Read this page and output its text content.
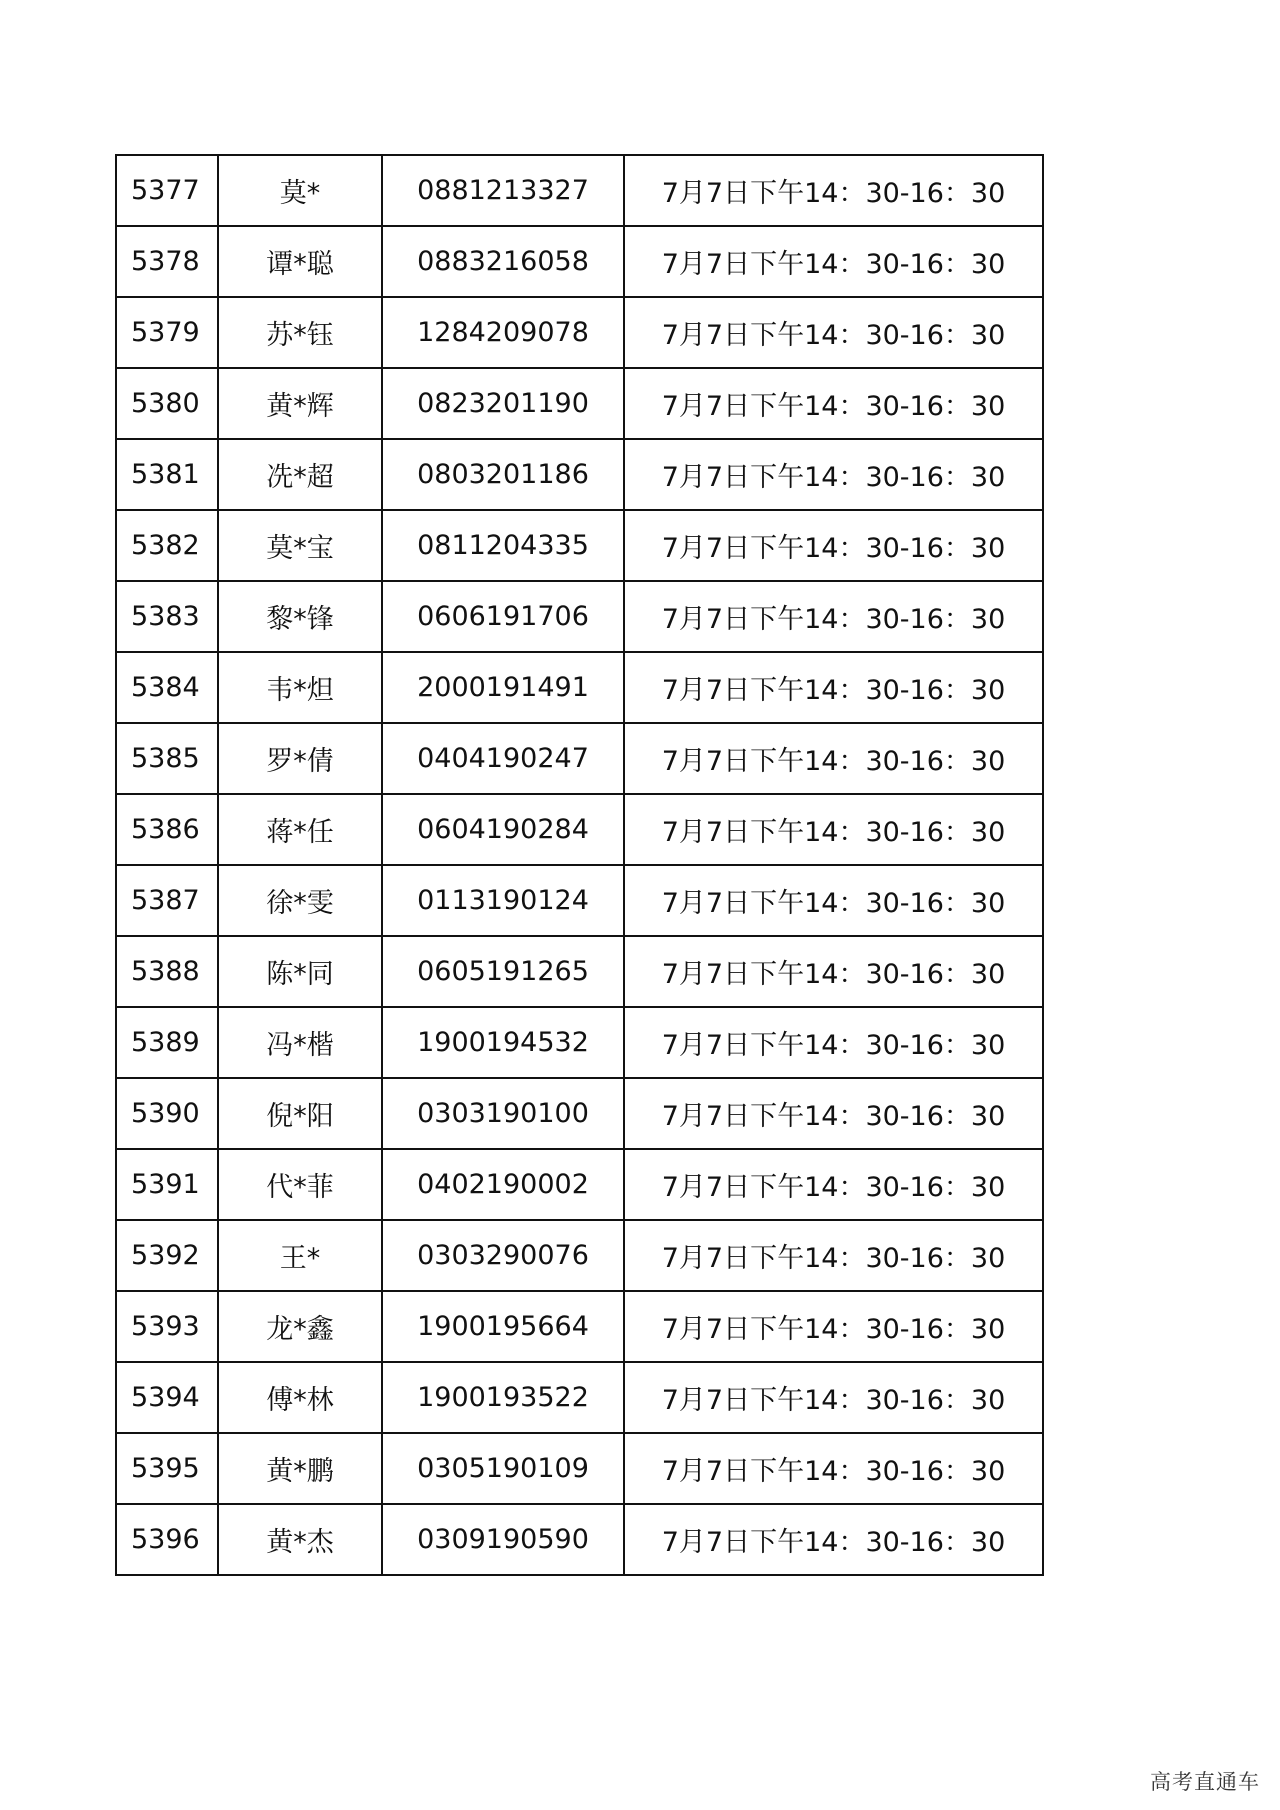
5377	莫*	0881213327	7月7日下午14：30-16：30
5378	谭*聪	0883216058	7月7日下午14：30-16：30
5379	苏*钰	1284209078	7月7日下午14：30-16：30
5380	黄*辉	0823201190	7月7日下午14：30-16：30
5381	冼*超	0803201186	7月7日下午14：30-16：30
5382	莫*宝	0811204335	7月7日下午14：30-16：30
5383	黎*锋	0606191706	7月7日下午14：30-16：30
5384	韦*炟	2000191491	7月7日下午14：30-16：30
5385	罗*倩	0404190247	7月7日下午14：30-16：30
5386	蒋*任	0604190284	7月7日下午14：30-16：30
5387	徐*雯	0113190124	7月7日下午14：30-16：30
5388	陈*同	0605191265	7月7日下午14：30-16：30
5389	冯*楷	1900194532	7月7日下午14：30-16：30
5390	倪*阳	0303190100	7月7日下午14：30-16：30
5391	代*菲	0402190002	7月7日下午14：30-16：30
5392	王*	0303290076	7月7日下午14：30-16：30
5393	龙*鑫	1900195664	7月7日下午14：30-16：30
5394	傅*林	1900193522	7月7日下午14：30-16：30
5395	黄*鹏	0305190109	7月7日下午14：30-16：30
5396	黄*杰	0309190590	7月7日下午14：30-16：30
高考直通车
